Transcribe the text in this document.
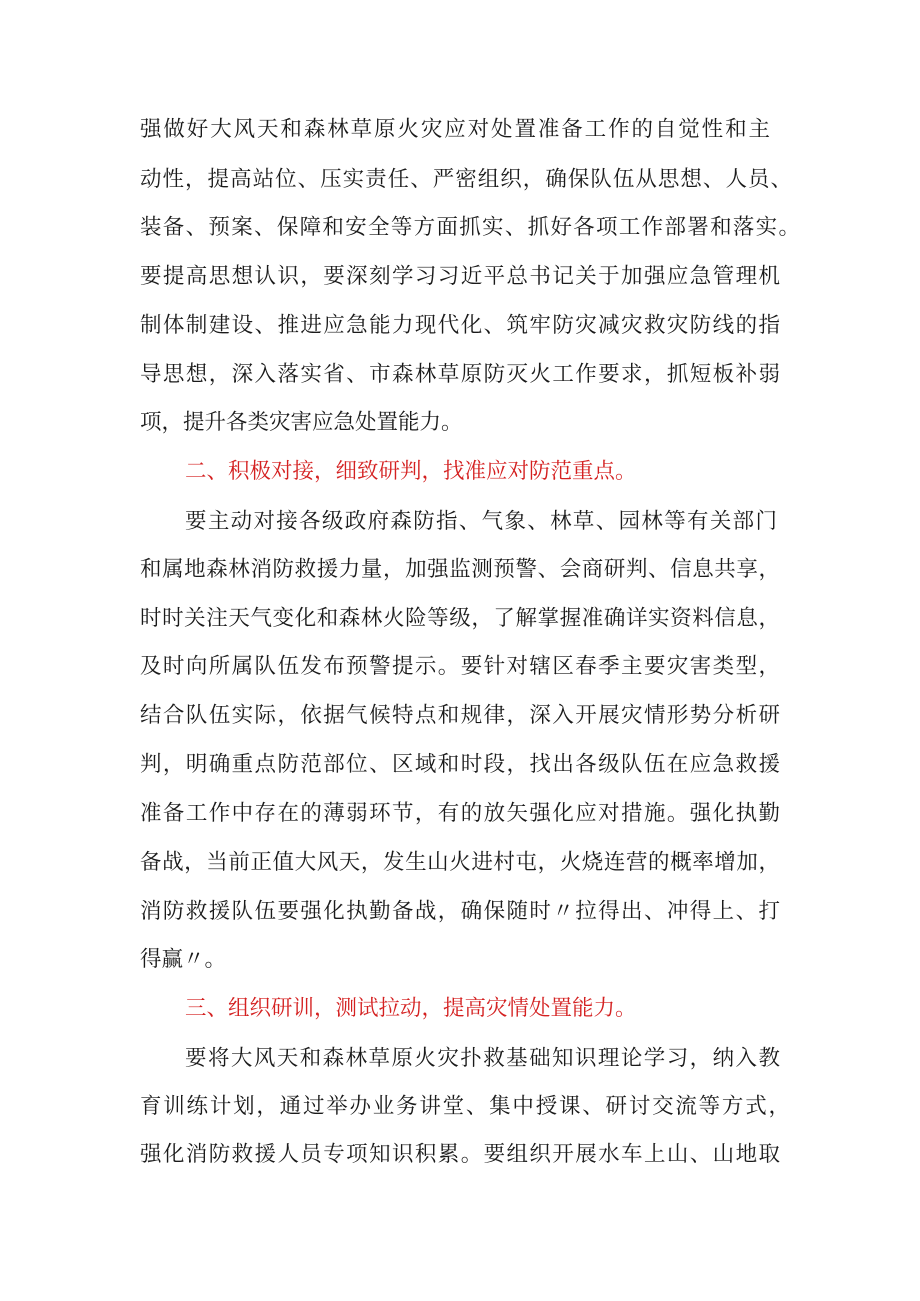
强做好大风天和森林草原火灾应对处置准备工作的自觉性和主
动性，提高站位、压实责任、严密组织，确保队伍从思想、人员、
装备、预案、保障和安全等方面抓实、抓好各项工作部署和落实。
要提高思想认识，要深刻学习习近平总书记关于加强应急管理机
制体制建设、推进应急能力现代化、筑牢防灾减灾救灾防线的指
导思想，深入落实省、市森林草原防灭火工作要求，抓短板补弱
项，提升各类灾害应急处置能力。
二、积极对接，细致研判，找准应对防范重点。
要主动对接各级政府森防指、气象、林草、园林等有关部门
和属地森林消防救援力量，加强监测预警、会商研判、信息共享，
时时关注天气变化和森林火险等级，了解掌握准确详实资料信息，
及时向所属队伍发布预警提示。要针对辖区春季主要灾害类型，
结合队伍实际，依据气候特点和规律，深入开展灾情形势分析研
判，明确重点防范部位、区域和时段，找出各级队伍在应急救援
准备工作中存在的薄弱环节，有的放矢强化应对措施。强化执勤
备战，当前正值大风天，发生山火进村屯，火烧连营的概率增加，
消防救援队伍要强化执勤备战，确保随时〃拉得出、冲得上、打
得赢〃。
三、组织研训，测试拉动，提高灾情处置能力。
要将大风天和森林草原火灾扑救基础知识理论学习，纳入教
育训练计划，通过举办业务讲堂、集中授课、研讨交流等方式，
强化消防救援人员专项知识积累。要组织开展水车上山、山地取
